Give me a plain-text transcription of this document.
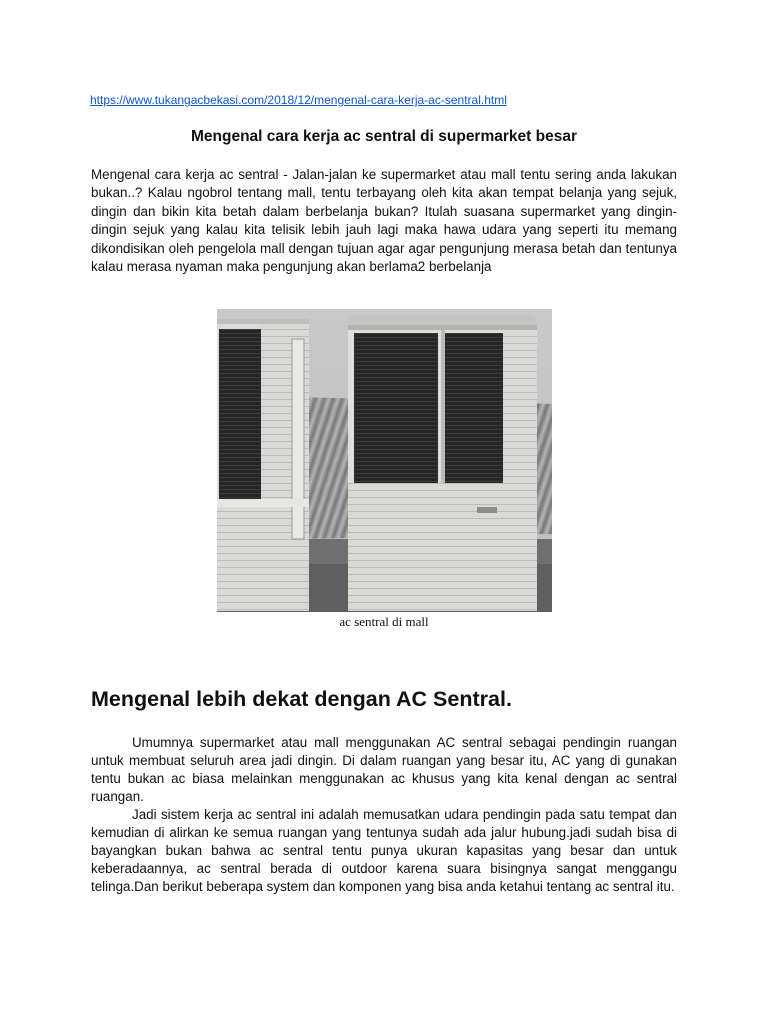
https://www.tukangacbekasi.com/2018/12/mengenal-cara-kerja-ac-sentral.html
Mengenal cara kerja ac sentral di supermarket besar

Mengenal cara kerja ac sentral - Jalan-jalan ke supermarket atau mall tentu sering anda lakukan bukan..? Kalau ngobrol tentang mall, tentu terbayang oleh kita akan tempat belanja yang sejuk, dingin dan bikin kita betah dalam berbelanja bukan? Itulah suasana supermarket yang dingin-dingin sejuk yang kalau kita telisik lebih jauh lagi maka hawa udara yang seperti itu memang dikondisikan oleh pengelola mall dengan tujuan agar agar pengunjung merasa betah dan tentunya kalau merasa nyaman maka pengunjung akan berlama2 berbelanja

ac sentral di mall
Mengenal lebih dekat dengan AC Sentral.

Umumnya supermarket atau mall menggunakan AC sentral sebagai pendingin ruangan untuk membuat seluruh area jadi dingin. Di dalam ruangan yang besar itu, AC yang di gunakan tentu bukan ac biasa melainkan menggunakan ac khusus yang kita kenal dengan ac sentral ruangan.

Jadi sistem kerja ac sentral ini adalah memusatkan udara pendingin pada satu tempat dan kemudian di alirkan ke semua ruangan yang tentunya sudah ada jalur hubung.jadi sudah bisa di bayangkan bukan bahwa ac sentral tentu punya ukuran kapasitas yang besar dan untuk keberadaannya, ac sentral berada di outdoor karena suara bisingnya sangat menggangu telinga.Dan berikut beberapa system dan komponen yang bisa anda ketahui tentang ac sentral itu.
